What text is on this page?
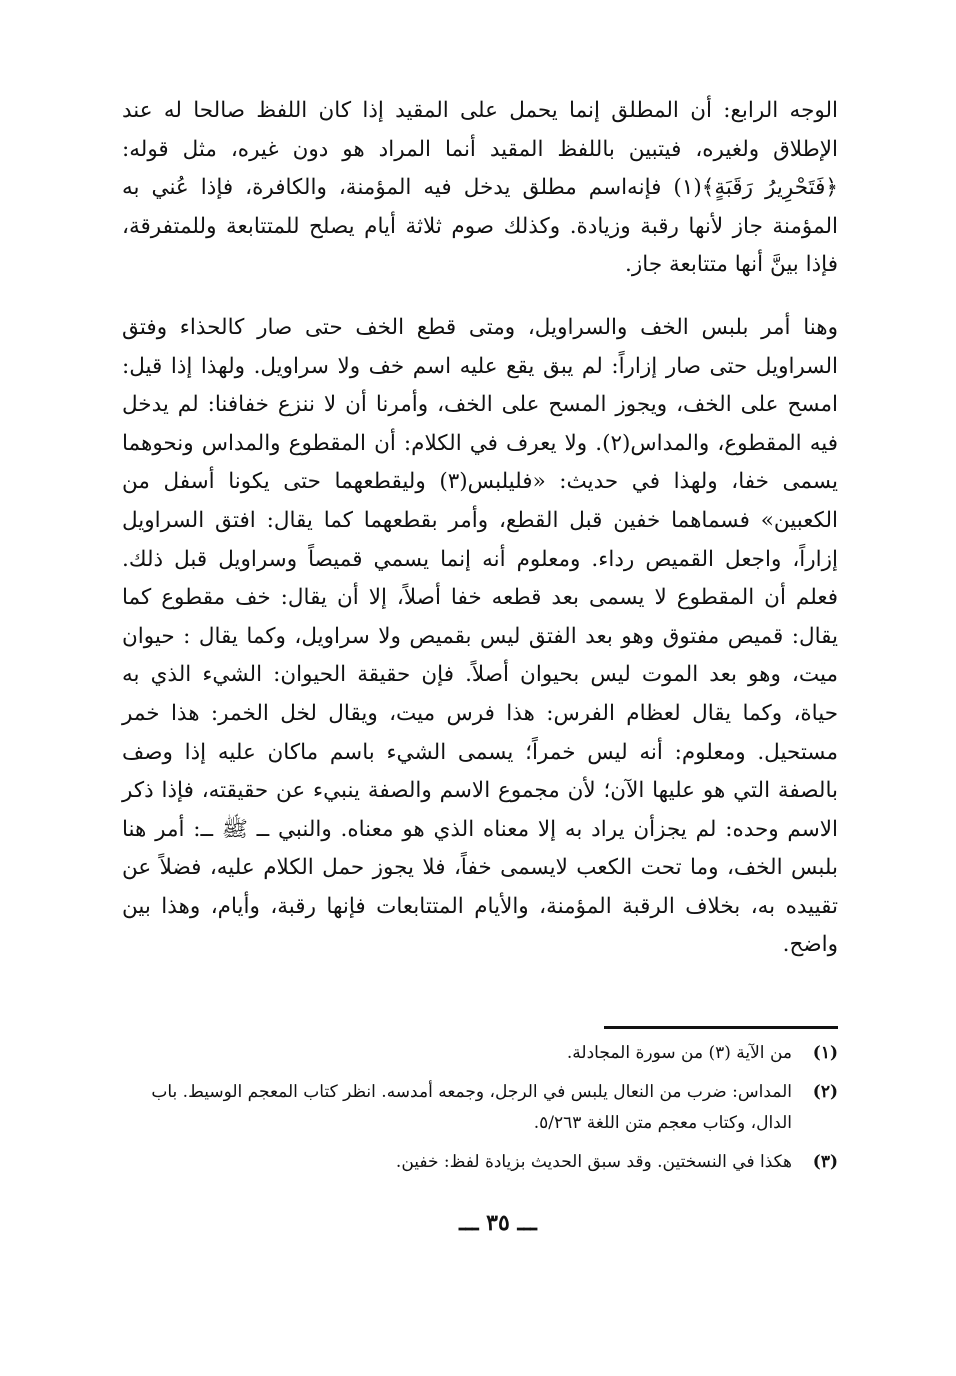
الوجه الرابع: أن المطلق إنما يحمل على المقيد إذا كان اللفظ صالحا له عند الإطلاق ولغيره، فيتبين باللفظ المقيد أنما المراد هو دون غيره، مثل قوله: ﴿فَتَحْرِيرُ رَقَبَةٍ﴾(١) فإنه‌اسم مطلق يدخل فيه المؤمنة، والكافرة، فإذا عُني به المؤمنة جاز لأنها رقبة وزيادة. وكذلك صوم ثلاثة أيام يصلح للمتتابعة وللمتفرقة، فإذا بينَّ أنها متتابعة جاز.

وهنا أمر بلبس الخف والسراويل، ومتى قطع الخف حتى صار كالحذاء وفتق السراويل حتى صار إزاراً: لم يبق يقع عليه اسم خف ولا سراويل. ولهذا إذا قيل: امسح على الخف، ويجوز المسح على الخف، وأمرنا أن لا ننزع خفافنا: لم يدخل فيه المقطوع، والمداس(٢). ولا يعرف في الكلام: أن المقطوع والمداس ونحوهما يسمى خفا، ولهذا في حديث: «فليلبس(٣) وليقطعهما حتى يكونا أسفل من الكعبين» فسماهما خفين قبل القطع، وأمر بقطعهما كما يقال: افتق السراويل إزاراً، واجعل القميص رداء. ومعلوم أنه إنما يسمي قميصاً وسراويل قبل ذلك. فعلم أن المقطوع لا يسمى بعد قطعه خفا أصلاً، إلا أن يقال: خف مقطوع كما يقال: قميص مفتوق وهو بعد الفتق ليس بقميص ولا سراويل، وكما يقال : حيوان ميت، وهو بعد الموت ليس بحيوان أصلاً. فإن حقيقة الحيوان: الشيء الذي به حياة، وكما يقال لعظام الفرس: هذا فرس ميت، ويقال لخل الخمر: هذا خمر مستحيل. ومعلوم: أنه ليس خمراً؛ يسمى الشيء باسم ماكان عليه إذا وصف بالصفة التي هو عليها الآن؛ لأن مجموع الاسم والصفة ينبيء عن حقيقته، فإذا ذكر الاسم وحده: لم يجزأن يراد به إلا معناه الذي هو معناه. والنبي ــ ﷺ ــ: أمر هنا بلبس الخف، وما تحت الكعب لايسمى خفاً، فلا يجوز حمل الكلام عليه، فضلاً عن تقييده به، بخلاف الرقبة المؤمنة، والأيام المتتابعات فإنها رقبة، وأيام، وهذا بين واضح.

(١)
من الآية (٣) من سورة المجادلة.
(٢)
المداس: ضرب من النعال يلبس في الرجل، وجمعه أمدسه. انظر كتاب المعجم الوسيط. باب الدال، وكتاب معجم متن اللغة ٥/٢٦٣.
(٣)
هكذا في النسختين. وقد سبق الحديث بزيادة لفظ: خفين.
ـــ ٣٥ ـــ
